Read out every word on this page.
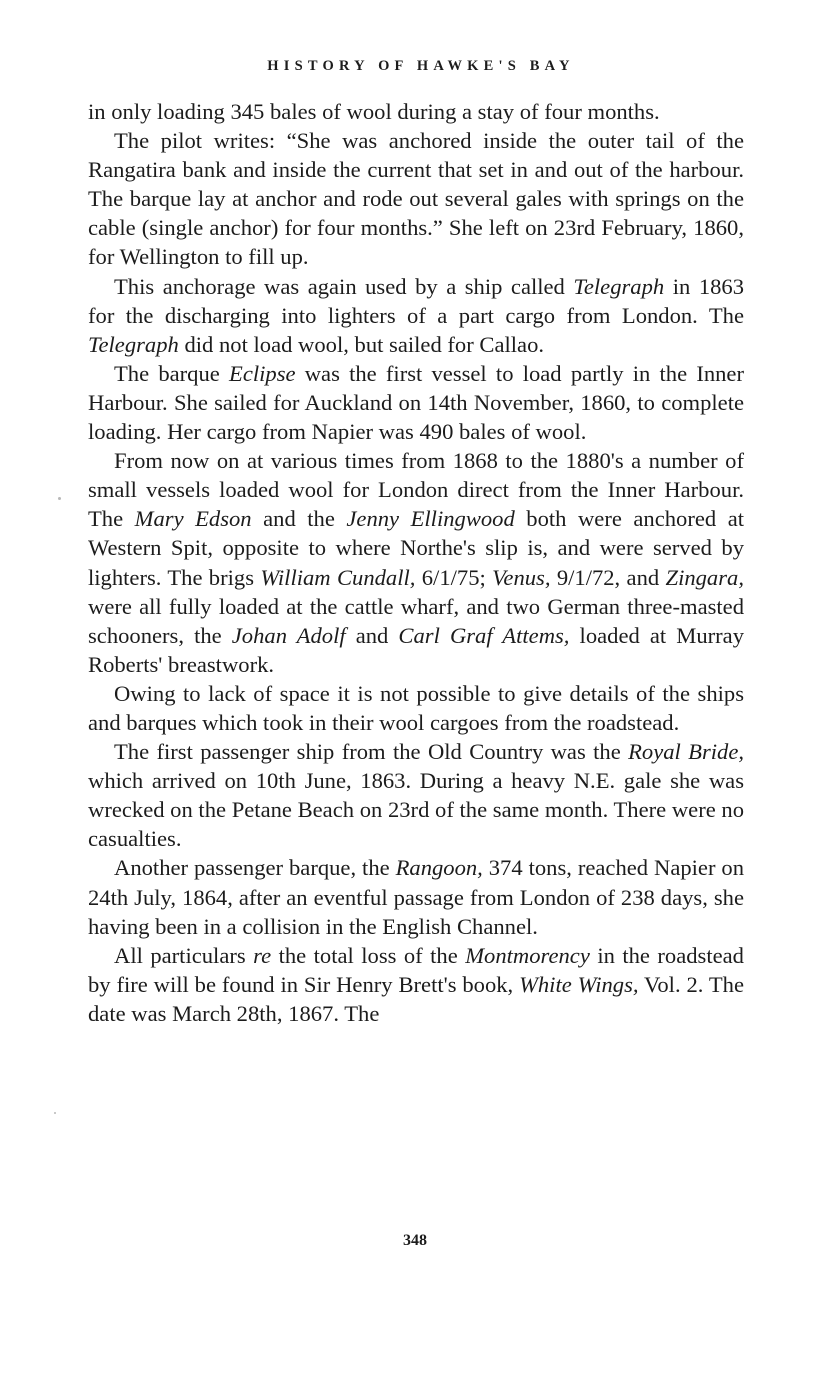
HISTORY OF HAWKE'S BAY

in only loading 345 bales of wool during a stay of four months.

The pilot writes: “She was anchored inside the outer tail of the Rangatira bank and inside the current that set in and out of the harbour. The barque lay at anchor and rode out several gales with springs on the cable (single anchor) for four months.” She left on 23rd February, 1860, for Wellington to fill up.

This anchorage was again used by a ship called Telegraph in 1863 for the discharging into lighters of a part cargo from London. The Telegraph did not load wool, but sailed for Callao.

The barque Eclipse was the first vessel to load partly in the Inner Harbour. She sailed for Auckland on 14th November, 1860, to complete loading. Her cargo from Napier was 490 bales of wool.

From now on at various times from 1868 to the 1880's a number of small vessels loaded wool for London direct from the Inner Harbour. The Mary Edson and the Jenny Ellingwood both were anchored at Western Spit, opposite to where Northe's slip is, and were served by lighters. The brigs William Cundall, 6/1/75; Venus, 9/1/72, and Zingara, were all fully loaded at the cattle wharf, and two German three-masted schooners, the Johan Adolf and Carl Graf Attems, loaded at Murray Roberts' breastwork.

Owing to lack of space it is not possible to give details of the ships and barques which took in their wool cargoes from the roadstead.

The first passenger ship from the Old Country was the Royal Bride, which arrived on 10th June, 1863. During a heavy N.E. gale she was wrecked on the Petane Beach on 23rd of the same month. There were no casualties.

Another passenger barque, the Rangoon, 374 tons, reached Napier on 24th July, 1864, after an eventful passage from London of 238 days, she having been in a collision in the English Channel.

All particulars re the total loss of the Montmorency in the roadstead by fire will be found in Sir Henry Brett's book, White Wings, Vol. 2. The date was March 28th, 1867. The

348
